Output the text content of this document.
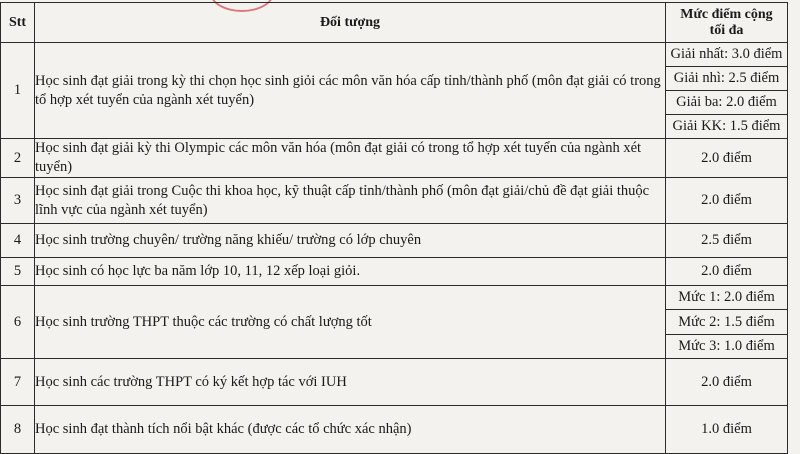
Stt	Đối tượng	Mức điểm cộng
tối đa

1	Học sinh đạt giải trong kỳ thi chọn học sinh giỏi các môn văn hóa cấp tỉnh/thành phố (môn đạt giải có trong tổ hợp xét tuyển của ngành xét tuyển)	Giải nhất: 3.0 điểm
		Giải nhì: 2.5 điểm
		Giải ba: 2.0 điểm
		Giải KK: 1.5 điểm
2	Học sinh đạt giải kỳ thi Olympic các môn văn hóa (môn đạt giải có trong tổ hợp xét tuyển của ngành xét tuyển)	2.0 điểm
3	Học sinh đạt giải trong Cuộc thi khoa học, kỹ thuật cấp tỉnh/thành phố (môn đạt giải/chủ đề đạt giải thuộc lĩnh vực của ngành xét tuyển)	2.0 điểm
4	Học sinh trường chuyên/ trường năng khiếu/ trường có lớp chuyên	2.5 điểm
5	Học sinh có học lực ba năm lớp 10, 11, 12 xếp loại giỏi.	2.0 điểm
6	Học sinh trường THPT thuộc các trường có chất lượng tốt	Mức 1: 2.0 điểm
		Mức 2: 1.5 điểm
		Mức 3: 1.0 điểm
7	Học sinh các trường THPT có ký kết hợp tác với IUH	2.0 điểm
8	Học sinh đạt thành tích nổi bật khác (được các tổ chức xác nhận)	1.0 điểm
